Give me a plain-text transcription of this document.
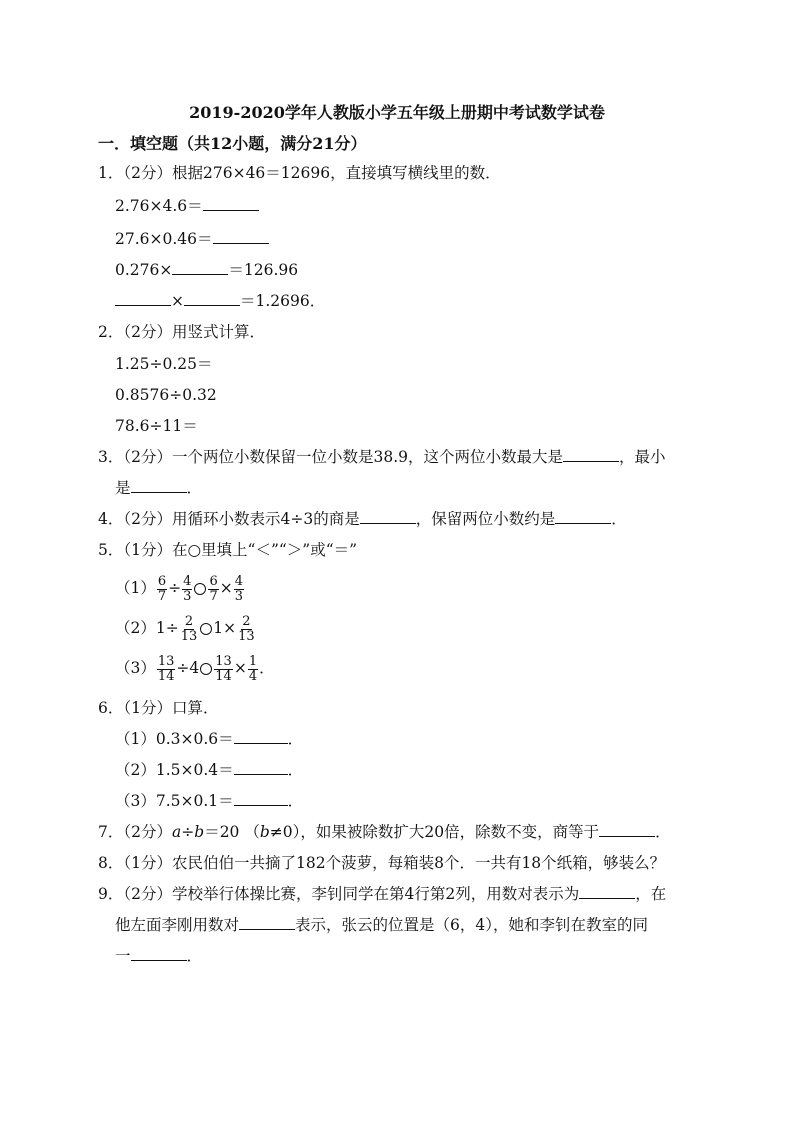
2019-2020学年人教版小学五年级上册期中考试数学试卷
一．填空题（共12小题，满分21分）
1．（2分）根据276×46＝12696，直接填写横线里的数．
2.76×4.6＝
27.6×0.46＝
0.276×	＝126.96
×	＝1.2696．
2．（2分）用竖式计算．
1.25÷0.25＝
0.8576÷0.32
78.6÷11＝
3．（2分）一个两位小数保留一位小数是38.9，这个两位小数最大是	，最小
是	．
4．（2分）用循环小数表示4÷3的商是	，保留两位小数约是	．
5．（1分）在○里填上“＜”“＞”或“＝”
$(1) \frac{6}{7} \div \frac{4}{3} \frac{6}{7} \times \frac{4}{3}$
$(2)1\div \frac{2}{13} 1\times \frac{2}{13}$
$(3) \frac{13}{14} \div 4 \frac{13}{14} \times \frac{1}{4}$ ．
6．（1分）口算．
（1）0.3×0.6＝	．
（2）1.5×0.4＝	．
（3）7.5×0.1＝	．
7．（2分）a÷b＝20 （b≠0），如果被除数扩大20倍，除数不变，商等于	．
8．（1分）农民伯伯一共摘了182个菠萝，每箱装8个．一共有18个纸箱，够装么？
9．（2分）学校举行体操比赛，李钊同学在第4行第2列，用数对表示为	，在
他左面李刚用数对	表示，张云的位置是（6，4），她和李钊在教室的同
一	．
